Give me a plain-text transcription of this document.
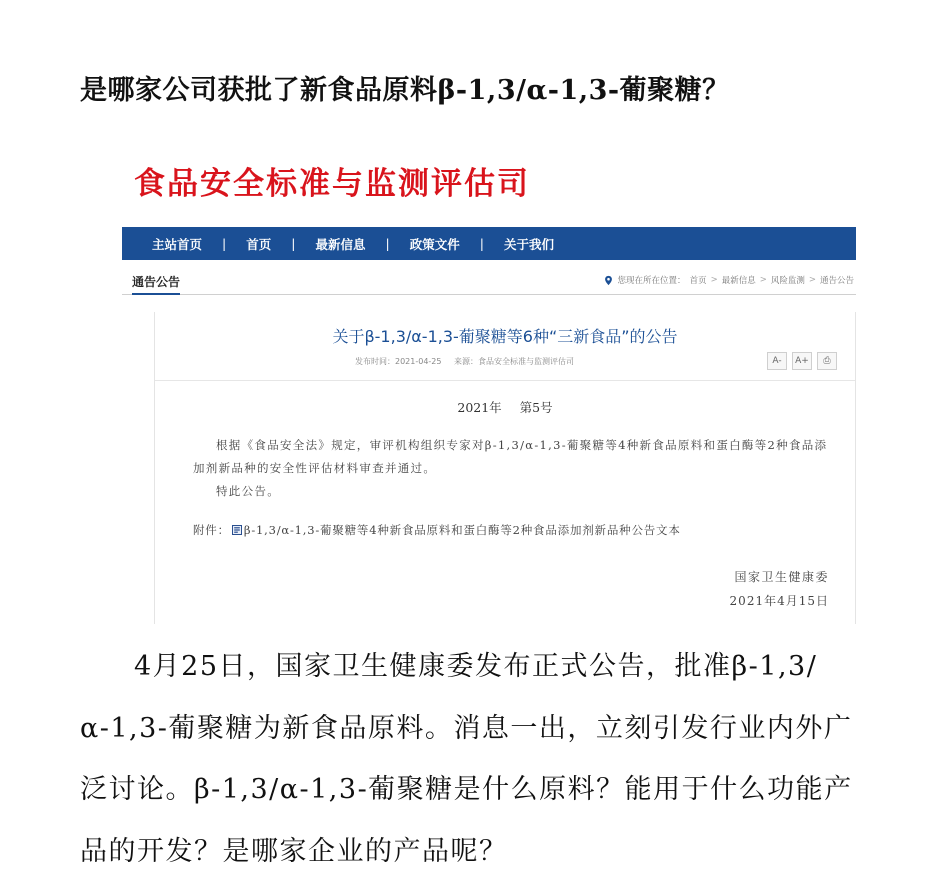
是哪家公司获批了新食品原料β-1,3/α-1,3-葡聚糖？
食品安全标准与监测评估司
主站首页	|	首页	|	最新信息	|	政策文件	|	关于我们
通告公告	您现在所在位置： 首页 > 最新信息 > 风险监测 > 通告公告
关于β-1,3/α-1,3-葡聚糖等6种“三新食品”的公告
发布时间：2021-04-25 来源：食品安全标准与监测评估司	A-	A+	⎙
2021年 第5号

根据《食品安全法》规定，审评机构组织专家对β-1,3/α-1,3-葡聚糖等4种新食品原料和蛋白酶等2种食品添加剂新品种的安全性评估材料审查并通过。

特此公告。

附件： β-1,3/α-1,3-葡聚糖等4种新食品原料和蛋白酶等2种食品添加剂新品种公告文本
国家卫生健康委
2021年4月15日

4月25日，国家卫生健康委发布正式公告，批准β-1,3/α-1,3-葡聚糖为新食品原料。消息一出，立刻引发行业内外广泛讨论。β-1,3/α-1,3-葡聚糖是什么原料？能用于什么功能产品的开发？是哪家企业的产品呢？
